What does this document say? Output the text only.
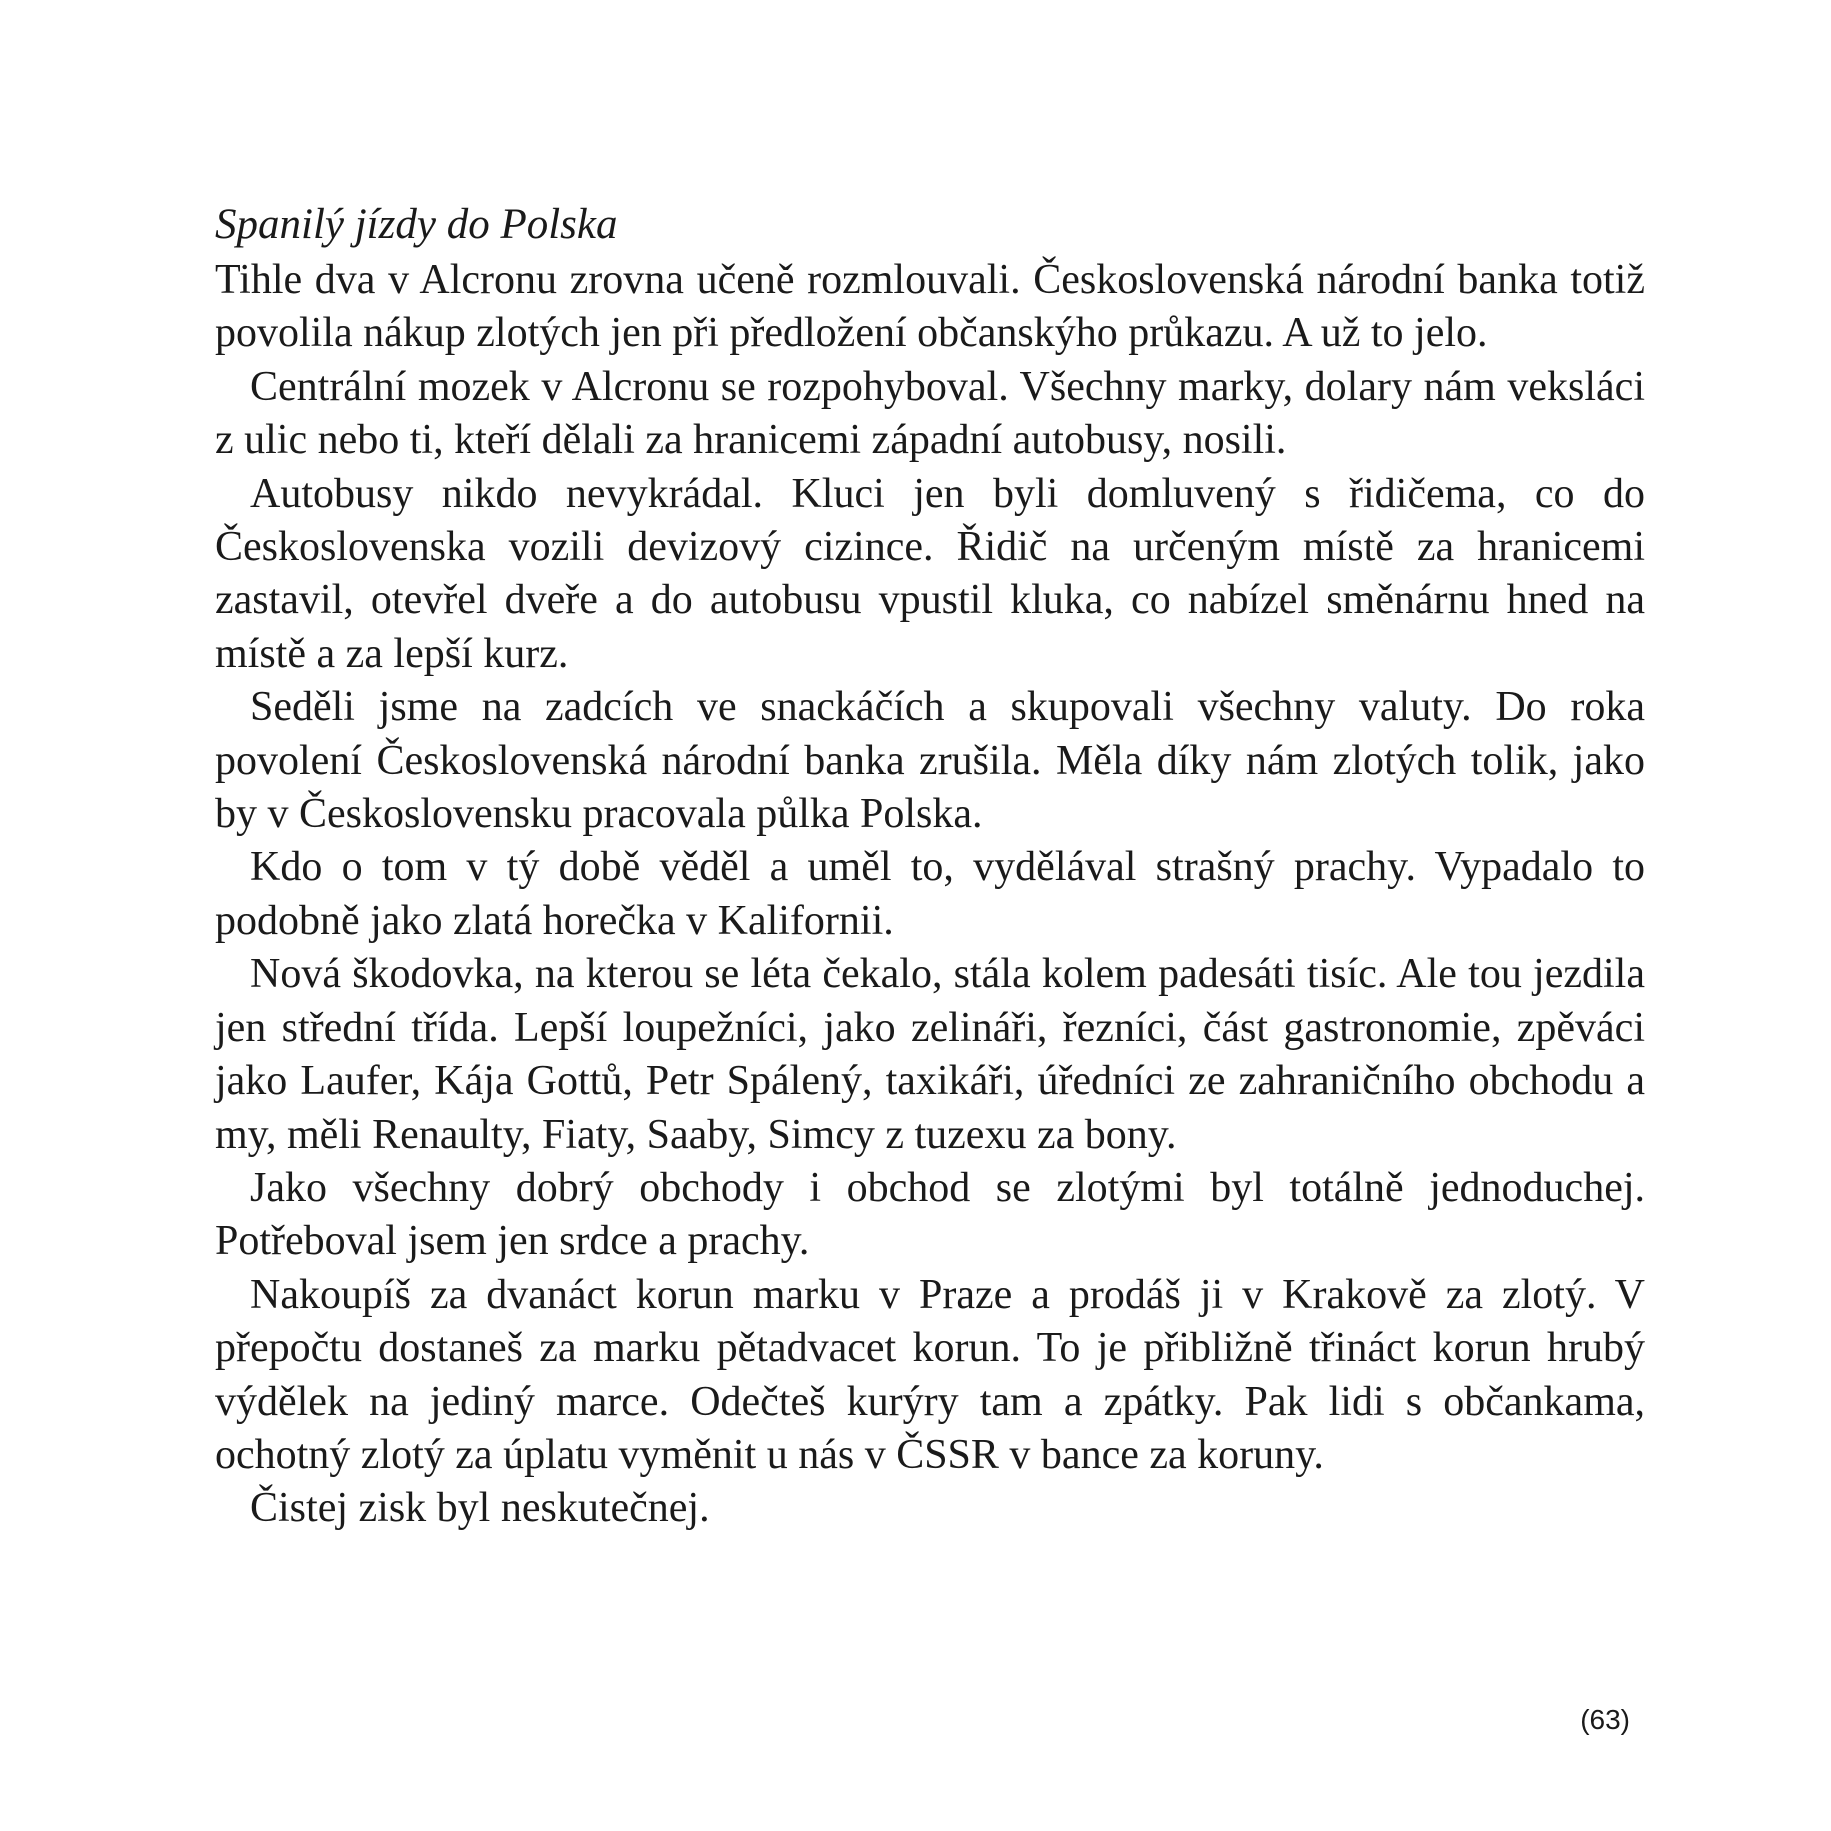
Spanilý jízdy do Polska

Tihle dva v Alcronu zrovna učeně rozmlouvali. Československá národní banka totiž povolila nákup zlotých jen při předložení občanskýho průkazu. A už to jelo.

Centrální mozek v Alcronu se rozpohyboval. Všechny marky, dolary nám veksláci z ulic nebo ti, kteří dělali za hranicemi západní autobusy, nosili.

Autobusy nikdo nevykrádal. Kluci jen byli domluvený s řidičema, co do Československa vozili devizový cizince. Řidič na určeným místě za hranicemi zastavil, otevřel dveře a do autobusu vpustil kluka, co nabízel směnárnu hned na místě a za lepší kurz.

Seděli jsme na zadcích ve snackáčích a skupovali všechny valuty. Do roka povolení Československá národní banka zrušila. Měla díky nám zlotých tolik, jako by v Československu pracovala půlka Polska.

Kdo o tom v tý době věděl a uměl to, vydělával strašný prachy. Vypadalo to podobně jako zlatá horečka v Kalifornii.

Nová škodovka, na kterou se léta čekalo, stála kolem padesáti tisíc. Ale tou jezdila jen střední třída. Lepší loupežníci, jako zelináři, řezníci, část gastronomie, zpěváci jako Laufer, Kája Gottů, Petr Spálený, taxikáři, úředníci ze zahraničního obchodu a my, měli Renaulty, Fiaty, Saaby, Simcy z tuzexu za bony.

Jako všechny dobrý obchody i obchod se zlotými byl totálně jednoduchej. Potřeboval jsem jen srdce a prachy.

Nakoupíš za dvanáct korun marku v Praze a prodáš ji v Krakově za zlotý. V přepočtu dostaneš za marku pětadvacet korun. To je přibližně třináct korun hrubý výdělek na jediný marce. Odečteš kurýry tam a zpátky. Pak lidi s občankama, ochotný zlotý za úplatu vyměnit u nás v ČSSR v bance za koruny.

Čistej zisk byl neskutečnej.

(63)
